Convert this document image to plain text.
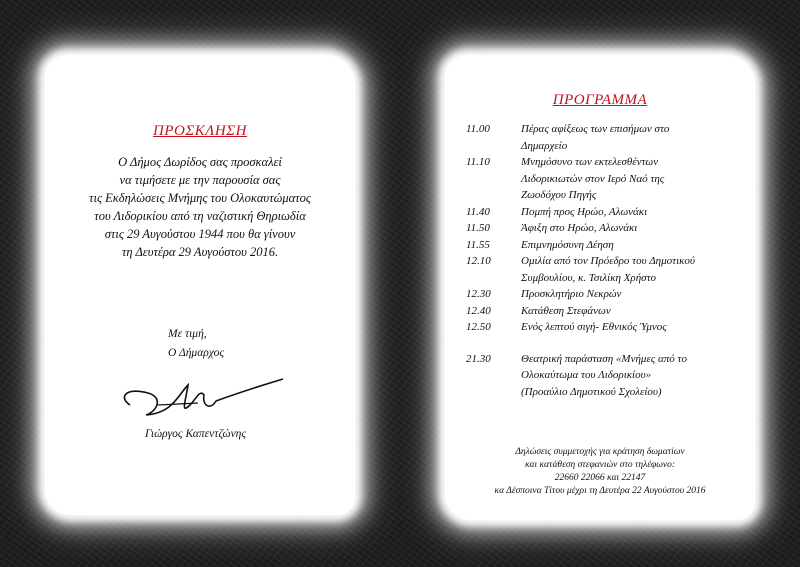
ΠΡΟΣΚΛΗΣΗ
Ο Δήμος Δωρίδος σας προσκαλεί
να τιμήσετε με την παρουσία σας
τις Εκδηλώσεις Μνήμης του Ολοκαυτώματος
του Λιδορικίου από τη ναζιστική Θηριωδία
στις 29 Αυγούστου 1944 που θα γίνουν
τη Δευτέρα 29 Αυγούστου 2016.
Με τιμή,
Ο Δήμαρχος
Γιώργος Καπεντζώνης
ΠΡΟΓΡΑΜΜΑ
11.00	Πέρας αφίξεως των επισήμων στο
Δημαρχείο
11.10	Μνημόσυνο των εκτελεσθέντων
Λιδορικιωτών στον Ιερό Ναό της
Ζωοδόχου Πηγής
11.40	Πομπή προς Ηρώο, Αλωνάκι
11.50	Άφιξη στο Ηρώο, Αλωνάκι
11.55	Επιμνημόσυνη Δέηση
12.10	Ομιλία από τον Πρόεδρο του Δημοτικού
Συμβουλίου, κ. Τσιλίκη Χρήστο
12.30	Προσκλητήριο Νεκρών
12.40	Κατάθεση Στεφάνων
12.50	Ενός λεπτού σιγή- Εθνικός Ύμνος
21.30	Θεατρική παράσταση «Μνήμες από το
Ολοκαύτωμα του Λιδορικίου»
(Προαύλιο Δημοτικού Σχολείου)
Δηλώσεις συμμετοχής για κράτηση δωματίων
και κατάθεση στεφανιών στο τηλέφωνο:
22660 22066 και 22147
κα Δέσποινα Τίτου μέχρι τη Δευτέρα 22 Αυγούστου 2016
